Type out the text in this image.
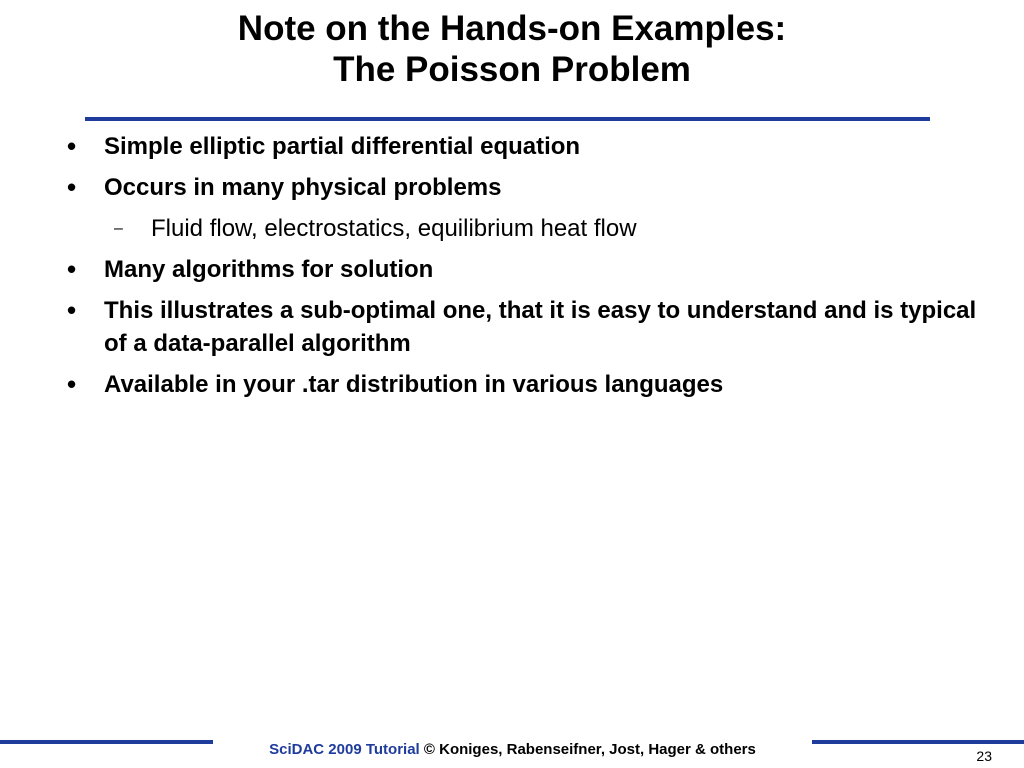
Note on the Hands-on Examples:
The Poisson Problem
• Simple elliptic partial differential equation
• Occurs in many physical problems
– Fluid flow, electrostatics, equilibrium heat flow
• Many algorithms for solution
• This illustrates a sub-optimal one, that it is easy to understand and is typical of a data-parallel algorithm
• Available in your .tar distribution in various languages
SciDAC 2009 Tutorial © Koniges, Rabenseifner, Jost, Hager & others	23
